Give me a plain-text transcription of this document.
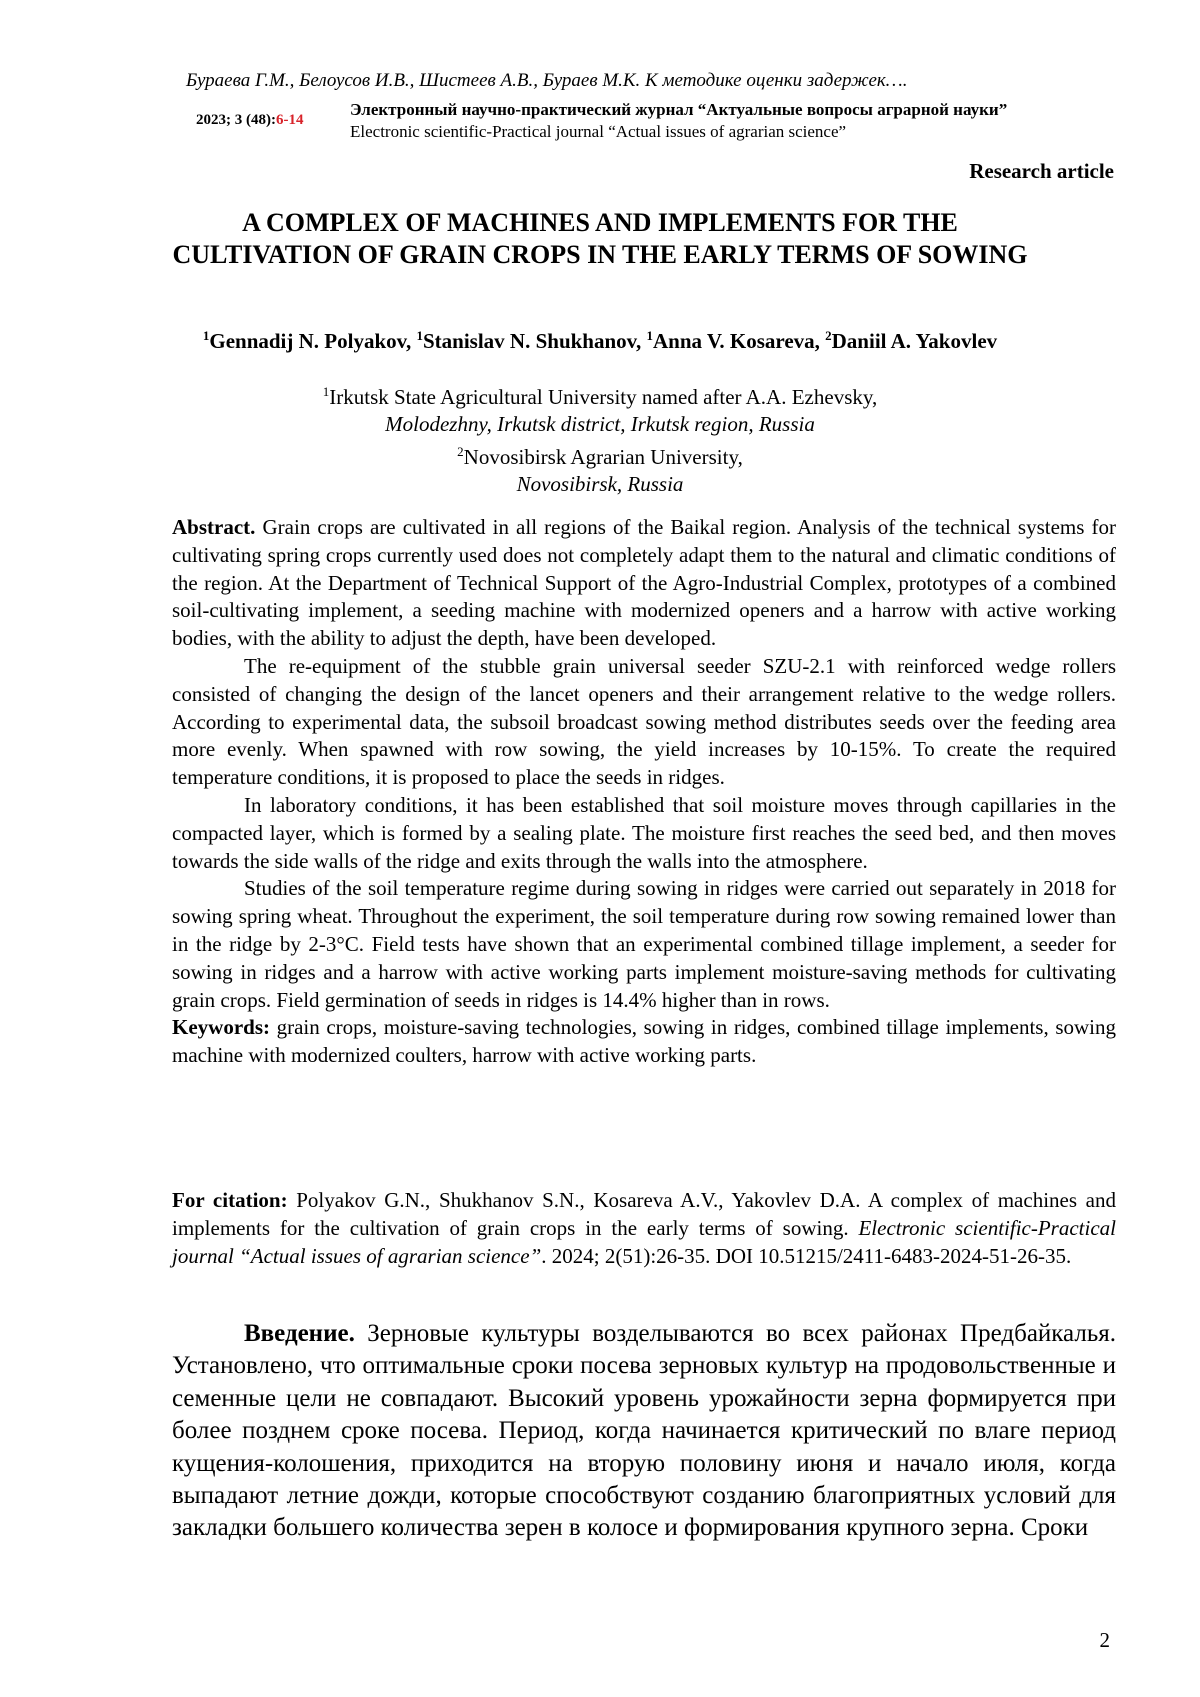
Бураева Г.М., Белоусов И.В., Шистеев А.В., Бураев М.К. К методике оценки задержек….
2023; 3 (48):6-14
Электронный научно-практический журнал “Актуальные вопросы аграрной науки”
Electronic scientific-Practical journal “Actual issues of agrarian science”
Research article
A COMPLEX OF MACHINES AND IMPLEMENTS FOR THE CULTIVATION OF GRAIN CROPS IN THE EARLY TERMS OF SOWING
$^1$Gennadij N. Polyakov, $^1$Stanislav N. Shukhanov, $^1$Anna V. Kosareva, $^2$Daniil A. Yakovlev
$^1$Irkutsk State Agricultural University named after A.A. Ezhevsky,
Molodezhny, Irkutsk district, Irkutsk region, Russia
$^2$Novosibirsk Agrarian University,
Novosibirsk, Russia

Abstract. Grain crops are cultivated in all regions of the Baikal region. Analysis of the technical systems for cultivating spring crops currently used does not completely adapt them to the natural and climatic conditions of the region. At the Department of Technical Support of the Agro-Industrial Complex, prototypes of a combined soil-cultivating implement, a seeding machine with modernized openers and a harrow with active working bodies, with the ability to adjust the depth, have been developed.

The re-equipment of the stubble grain universal seeder SZU-2.1 with reinforced wedge rollers consisted of changing the design of the lancet openers and their arrangement relative to the wedge rollers. According to experimental data, the subsoil broadcast sowing method distributes seeds over the feeding area more evenly. When spawned with row sowing, the yield increases by 10-15%. To create the required temperature conditions, it is proposed to place the seeds in ridges.

In laboratory conditions, it has been established that soil moisture moves through capillaries in the compacted layer, which is formed by a sealing plate. The moisture first reaches the seed bed, and then moves towards the side walls of the ridge and exits through the walls into the atmosphere.

Studies of the soil temperature regime during sowing in ridges were carried out separately in 2018 for sowing spring wheat. Throughout the experiment, the soil temperature during row sowing remained lower than in the ridge by 2-3°C. Field tests have shown that an experimental combined tillage implement, a seeder for sowing in ridges and a harrow with active working parts implement moisture-saving methods for cultivating grain crops. Field germination of seeds in ridges is 14.4% higher than in rows.

Keywords: grain crops, moisture-saving technologies, sowing in ridges, combined tillage implements, sowing machine with modernized coulters, harrow with active working parts.

For citation: Polyakov G.N., Shukhanov S.N., Kosareva A.V., Yakovlev D.A. A complex of machines and implements for the cultivation of grain crops in the early terms of sowing. Electronic scientific-Practical journal “Actual issues of agrarian science”. 2024; 2(51):26-35. DOI 10.51215/2411-6483-2024-51-26-35.

Введение. Зерновые культуры возделываются во всех районах Предбайкалья. Установлено, что оптимальные сроки посева зерновых культур на продовольственные и семенные цели не совпадают. Высокий уровень урожайности зерна формируется при более позднем сроке посева. Период, когда начинается критический по влаге период кущения-колошения, приходится на вторую половину июня и начало июля, когда выпадают летние дожди, которые способствуют созданию благоприятных условий для закладки большего количества зерен в колосе и формирования крупного зерна. Сроки

2
